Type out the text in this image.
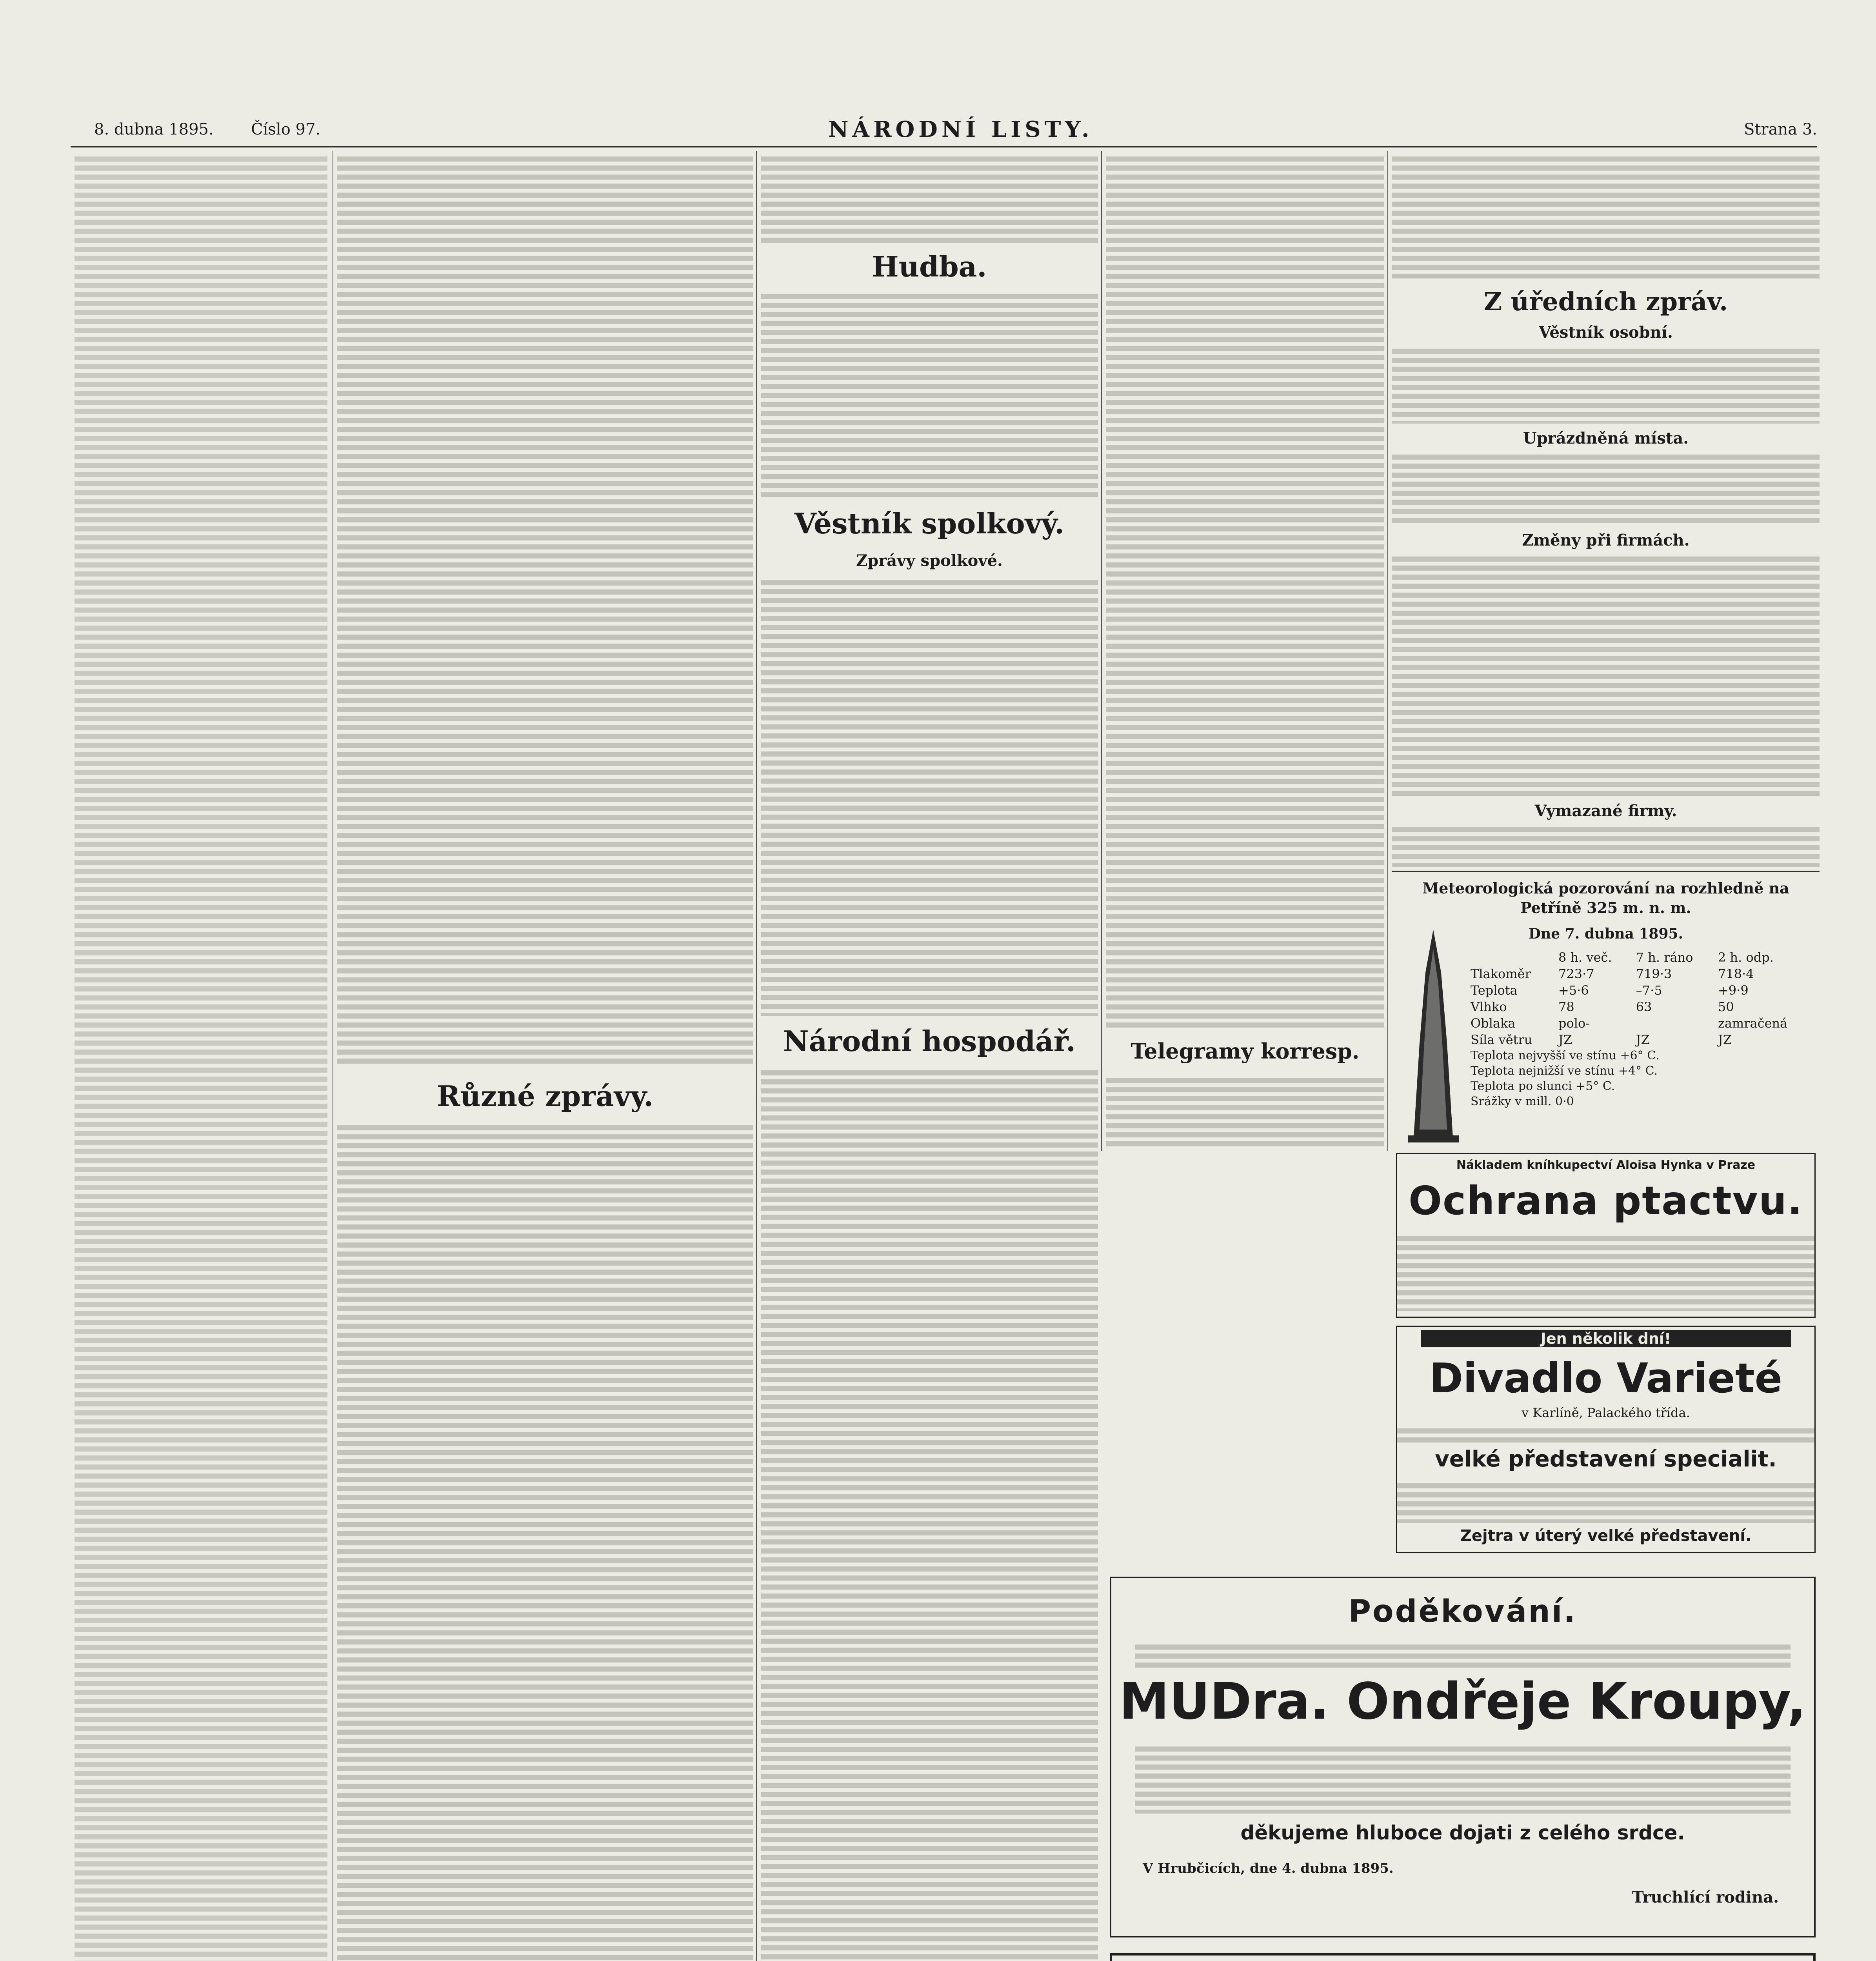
8. dubna 1895. Číslo 97.	NÁRODNÍ LISTY.	Strana 3.
Různé zprávy.
Hudba.
Věstník spolkový.
Zprávy spolkové.
Národní hospodář.	Telegramy korresp.
Z úředních zpráv.
Věstník osobní.
Uprázdněná místa.
Změny při firmách.
Vymazané firmy.
Meteorologická pozorování na rozhledně na Petříně 325 m. n. m.
Dne 7. dubna 1895.
	8 h. več.	7 h. ráno	2 h. odp.
Tlakoměr	723·7	719·3	718·4
Teplota	+5·6	–7·5	+9·9
Vlhko	78	63	50
Oblaka	polo-		zamračená
Síla větru	JZ	JZ	JZ
Teplota nejvyšší ve stínu +6° C.			
Teplota nejnižší ve stínu +4° C.			
Teplota po slunci +5° C.			
Srážky v mill. 0·0			
Nákladem kníhkupectví Aloisa Hynka v Praze
Ochrana ptactvu.
Jen několik dní!
Divadlo Varieté
v Karlíně, Palackého třída.
velké představení specialit.
Zejtra v úterý velké představení.
Poděkování.
MUDra. Ondřeje Kroupy,
děkujeme hluboce dojati z celého srdce.
V Hrubčicích, dne 4. dubna 1895.
Truchlící rodina.
